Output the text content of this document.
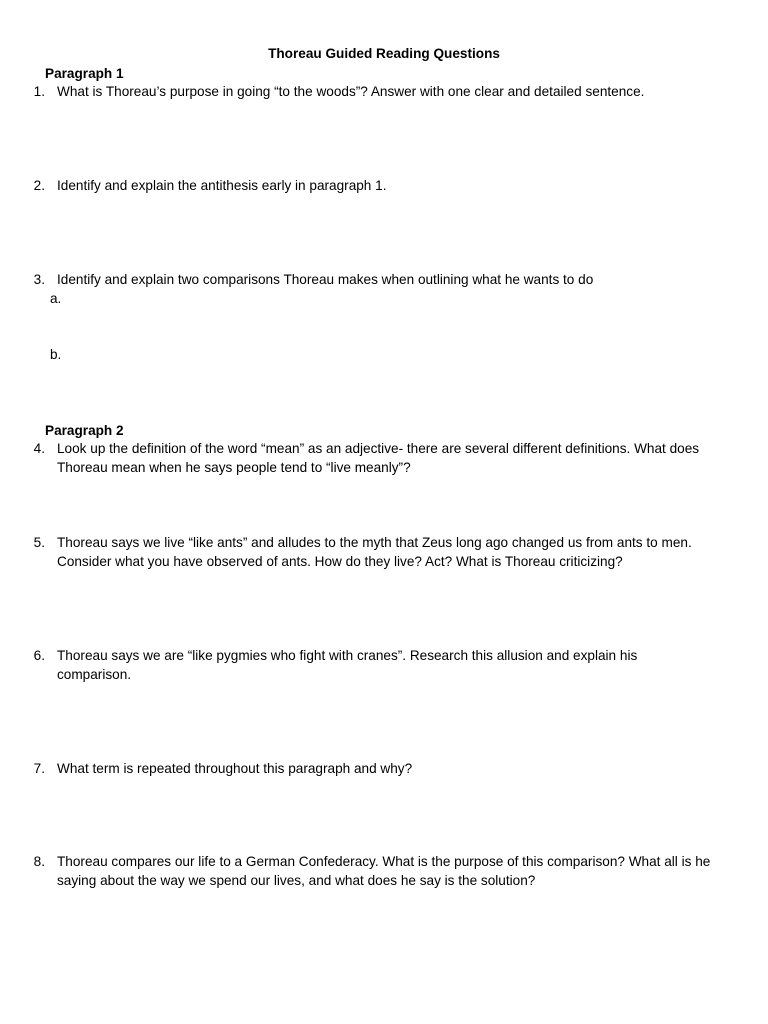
Thoreau Guided Reading Questions
Paragraph 1
1. What is Thoreau’s purpose in going “to the woods”? Answer with one clear and detailed sentence.
2. Identify and explain the antithesis early in paragraph 1.
3. Identify and explain two comparisons Thoreau makes when outlining what he wants to do
a.
b.
Paragraph 2
4. Look up the definition of the word “mean” as an adjective- there are several different definitions. What does
Thoreau mean when he says people tend to “live meanly”?
5. Thoreau says we live “like ants” and alludes to the myth that Zeus long ago changed us from ants to men.
Consider what you have observed of ants. How do they live? Act? What is Thoreau criticizing?
6. Thoreau says we are “like pygmies who fight with cranes”. Research this allusion and explain his
comparison.
7. What term is repeated throughout this paragraph and why?
8. Thoreau compares our life to a German Confederacy. What is the purpose of this comparison? What all is he
saying about the way we spend our lives, and what does he say is the solution?
